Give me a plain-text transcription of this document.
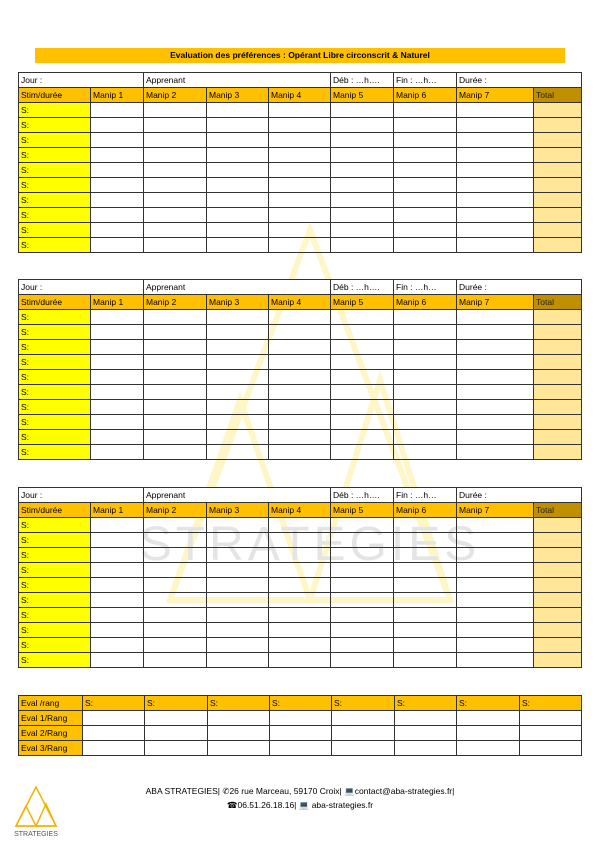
Evaluation des préférences : Opérant Libre circonscrit & Naturel
STRATEGIES
Jour :		Apprenant			Déb : …h….	Fin : …h…	Durée :	
Stim/durée	Manip 1	Manip 2	Manip 3	Manip 4	Manip 5	Manip 6	Manip 7	Total
S:								
S:								
S:								
S:								
S:								
S:								
S:								
S:								
S:								
S:								
Jour :		Apprenant			Déb : …h….	Fin : …h…	Durée :	
Stim/durée	Manip 1	Manip 2	Manip 3	Manip 4	Manip 5	Manip 6	Manip 7	Total
S:								
S:								
S:								
S:								
S:								
S:								
S:								
S:								
S:								
S:								
Jour :		Apprenant			Déb : …h….	Fin : …h…	Durée :	
Stim/durée	Manip 1	Manip 2	Manip 3	Manip 4	Manip 5	Manip 6	Manip 7	Total
S:								
S:								
S:								
S:								
S:								
S:								
S:								
S:								
S:								
S:								
Eval /rang	S:	S:	S:	S:	S:	S:	S:	S:
Eval 1/Rang								
Eval 2/Rang								
Eval 3/Rang								
ABA STRATEGIES| ✆26 rue Marceau, 59170 Croix| 💻contact@aba-strategies.fr|
☎06.51.26.18.16| 💻 aba-strategies.fr
STRATEGIES
